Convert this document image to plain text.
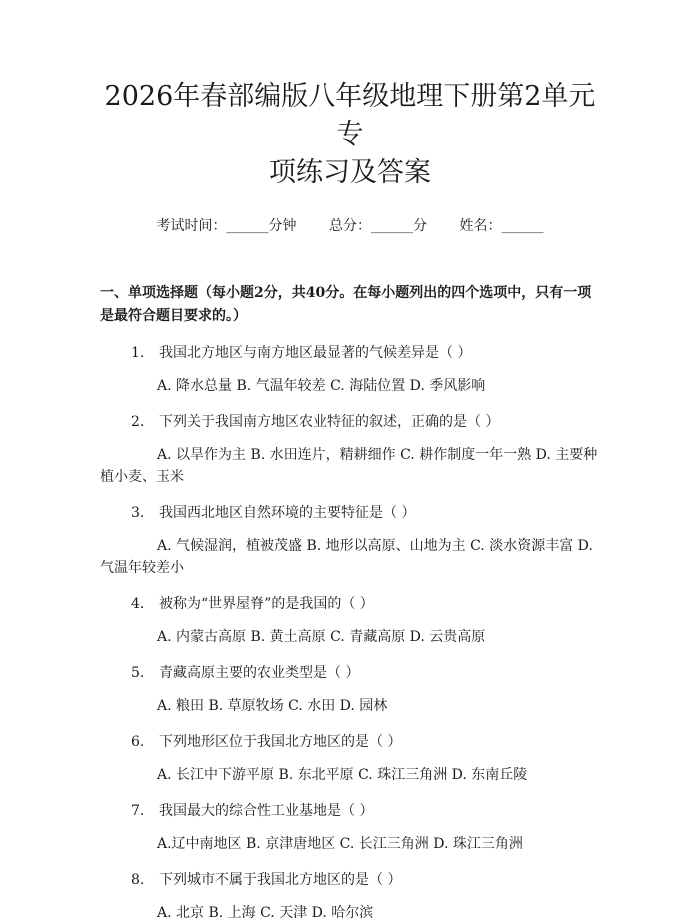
2026年春部编版八年级地理下册第2单元专
项练习及答案
考试时间：______分钟 总分：______分 姓名：______
一、单项选择题（每小题2分，共40分。在每小题列出的四个选项中，只有一项是最符合题目要求的。）
1. 我国北方地区与南方地区最显著的气候差异是（ ）
A. 降水总量 B. 气温年较差 C. 海陆位置 D. 季风影响
2. 下列关于我国南方地区农业特征的叙述，正确的是（ ）
A. 以旱作为主 B. 水田连片，精耕细作 C. 耕作制度一年一熟 D. 主要种植小麦、玉米
3. 我国西北地区自然环境的主要特征是（ ）
A. 气候湿润，植被茂盛 B. 地形以高原、山地为主 C. 淡水资源丰富 D. 气温年较差小
4. 被称为“世界屋脊”的是我国的（ ）
A. 内蒙古高原 B. 黄土高原 C. 青藏高原 D. 云贵高原
5. 青藏高原主要的农业类型是（ ）
A. 粮田 B. 草原牧场 C. 水田 D. 园林
6. 下列地形区位于我国北方地区的是（ ）
A. 长江中下游平原 B. 东北平原 C. 珠江三角洲 D. 东南丘陵
7. 我国最大的综合性工业基地是（ ）
A.辽中南地区 B. 京津唐地区 C. 长江三角洲 D. 珠江三角洲
8. 下列城市不属于我国北方地区的是（ ）
A. 北京 B. 上海 C. 天津 D. 哈尔滨
